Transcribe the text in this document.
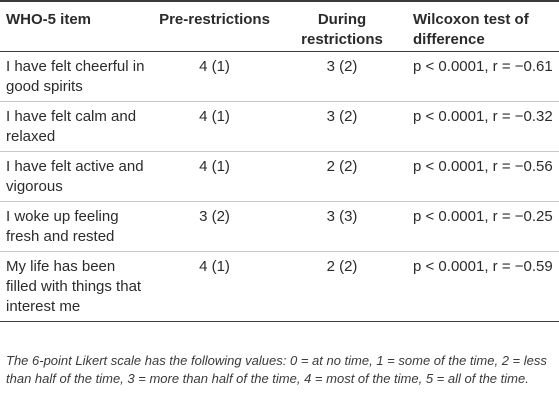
WHO-5 item	Pre-restrictions	During restrictions	Wilcoxon test of difference
I have felt cheerful in good spirits	4 (1)	3 (2)	p < 0.0001, r = −0.61
I have felt calm and relaxed	4 (1)	3 (2)	p < 0.0001, r = −0.32
I have felt active and vigorous	4 (1)	2 (2)	p < 0.0001, r = −0.56
I woke up feeling fresh and rested	3 (2)	3 (3)	p < 0.0001, r = −0.25
My life has been filled with things that interest me	4 (1)	2 (2)	p < 0.0001, r = −0.59
The 6-point Likert scale has the following values: 0 = at no time, 1 = some of the time, 2 = less than half of the time, 3 = more than half of the time, 4 = most of the time, 5 = all of the time.
